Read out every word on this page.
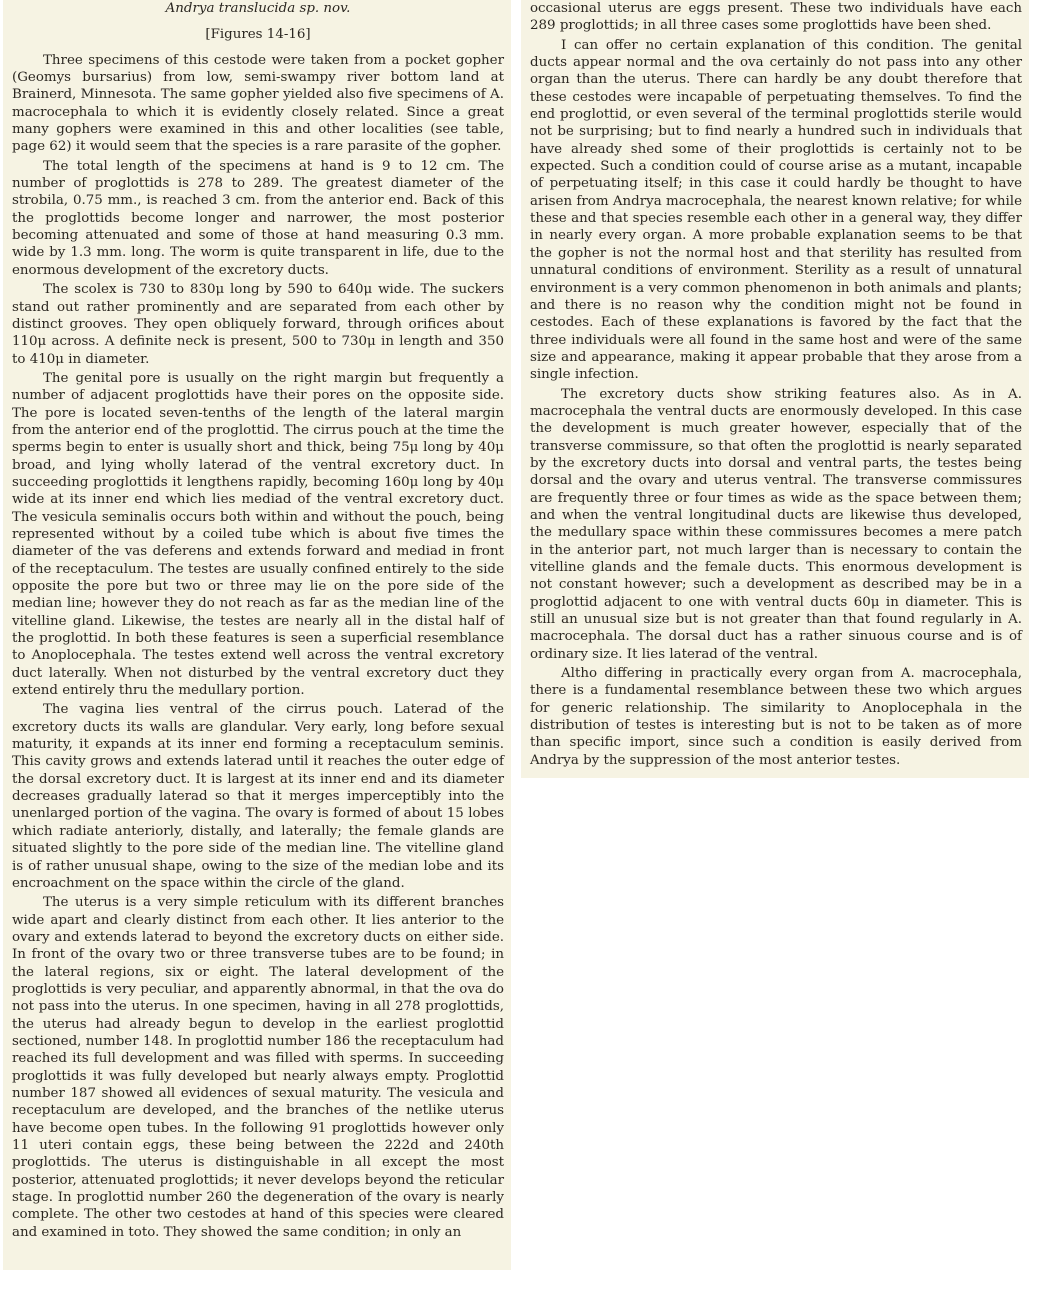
Andrya translucida sp. nov.

[Figures 14-16]

Three specimens of this cestode were taken from a pocket gopher (Geomys bursarius) from low, semi-swampy river bottom land at Brainerd, Minnesota. The same gopher yielded also five specimens of A. macrocephala to which it is evidently closely related. Since a great many gophers were examined in this and other localities (see table, page 62) it would seem that the species is a rare parasite of the gopher.

The total length of the specimens at hand is 9 to 12 cm. The number of proglottids is 278 to 289. The greatest diameter of the strobila, 0.75 mm., is reached 3 cm. from the anterior end. Back of this the proglottids become longer and narrower, the most posterior becoming attenuated and some of those at hand measuring 0.3 mm. wide by 1.3 mm. long. The worm is quite transparent in life, due to the enormous development of the excretory ducts.

The scolex is 730 to 830μ long by 590 to 640μ wide. The suckers stand out rather prominently and are separated from each other by distinct grooves. They open obliquely forward, through orifices about 110μ across. A definite neck is present, 500 to 730μ in length and 350 to 410μ in diameter.

The genital pore is usually on the right margin but frequently a number of adjacent proglottids have their pores on the opposite side. The pore is located seven-tenths of the length of the lateral margin from the anterior end of the proglottid. The cirrus pouch at the time the sperms begin to enter is usually short and thick, being 75μ long by 40μ broad, and lying wholly laterad of the ventral excretory duct. In succeeding proglottids it lengthens rapidly, becoming 160μ long by 40μ wide at its inner end which lies mediad of the ventral excretory duct. The vesicula seminalis occurs both within and without the pouch, being represented without by a coiled tube which is about five times the diameter of the vas deferens and extends forward and mediad in front of the receptaculum. The testes are usually confined entirely to the side opposite the pore but two or three may lie on the pore side of the median line; however they do not reach as far as the median line of the vitelline gland. Likewise, the testes are nearly all in the distal half of the proglottid. In both these features is seen a superficial resemblance to Anoplocephala. The testes extend well across the ventral excretory duct laterally. When not disturbed by the ventral excretory duct they extend entirely thru the medullary portion.

The vagina lies ventral of the cirrus pouch. Laterad of the excretory ducts its walls are glandular. Very early, long before sexual maturity, it expands at its inner end forming a receptaculum seminis. This cavity grows and extends laterad until it reaches the outer edge of the dorsal excretory duct. It is largest at its inner end and its diameter decreases gradually laterad so that it merges imperceptibly into the unenlarged portion of the vagina. The ovary is formed of about 15 lobes which radiate anteriorly, distally, and laterally; the female glands are situated slightly to the pore side of the median line. The vitelline gland is of rather unusual shape, owing to the size of the median lobe and its encroachment on the space within the circle of the gland.

The uterus is a very simple reticulum with its different branches wide apart and clearly distinct from each other. It lies anterior to the ovary and extends laterad to beyond the excretory ducts on either side. In front of the ovary two or three transverse tubes are to be found; in the lateral regions, six or eight. The lateral development of the proglottids is very peculiar, and apparently abnormal, in that the ova do not pass into the uterus. In one specimen, having in all 278 proglottids, the uterus had already begun to develop in the earliest proglottid sectioned, number 148. In proglottid number 186 the receptaculum had reached its full development and was filled with sperms. In succeeding proglottids it was fully developed but nearly always empty. Proglottid number 187 showed all evidences of sexual maturity. The vesicula and receptaculum are developed, and the branches of the netlike uterus have become open tubes. In the following 91 proglottids however only 11 uteri contain eggs, these being between the 222d and 240th proglottids. The uterus is distinguishable in all except the most posterior, attenuated proglottids; it never develops beyond the reticular stage. In proglottid number 260 the degeneration of the ovary is nearly complete. The other two cestodes at hand of this species were cleared and examined in toto. They showed the same condition; in only an

occasional uterus are eggs present. These two individuals have each 289 proglottids; in all three cases some proglottids have been shed.

I can offer no certain explanation of this condition. The genital ducts appear normal and the ova certainly do not pass into any other organ than the uterus. There can hardly be any doubt therefore that these cestodes were incapable of perpetuating themselves. To find the end proglottid, or even several of the terminal proglottids sterile would not be surprising; but to find nearly a hundred such in individuals that have already shed some of their proglottids is certainly not to be expected. Such a condition could of course arise as a mutant, incapable of perpetuating itself; in this case it could hardly be thought to have arisen from Andrya macrocephala, the nearest known relative; for while these and that species resemble each other in a general way, they differ in nearly every organ. A more probable explanation seems to be that the gopher is not the normal host and that sterility has resulted from unnatural conditions of environment. Sterility as a result of unnatural environment is a very common phenomenon in both animals and plants; and there is no reason why the condition might not be found in cestodes. Each of these explanations is favored by the fact that the three individuals were all found in the same host and were of the same size and appearance, making it appear probable that they arose from a single infection.

The excretory ducts show striking features also. As in A. macrocephala the ventral ducts are enormously developed. In this case the development is much greater however, especially that of the transverse commissure, so that often the proglottid is nearly separated by the excretory ducts into dorsal and ventral parts, the testes being dorsal and the ovary and uterus ventral. The transverse commissures are frequently three or four times as wide as the space between them; and when the ventral longitudinal ducts are likewise thus developed, the medullary space within these commissures becomes a mere patch in the anterior part, not much larger than is necessary to contain the vitelline glands and the female ducts. This enormous development is not constant however; such a development as described may be in a proglottid adjacent to one with ventral ducts 60μ in diameter. This is still an unusual size but is not greater than that found regularly in A. macrocephala. The dorsal duct has a rather sinuous course and is of ordinary size. It lies laterad of the ventral.

Altho differing in practically every organ from A. macrocephala, there is a fundamental resemblance between these two which argues for generic relationship. The similarity to Anoplocephala in the distribution of testes is interesting but is not to be taken as of more than specific import, since such a condition is easily derived from Andrya by the suppression of the most anterior testes.
